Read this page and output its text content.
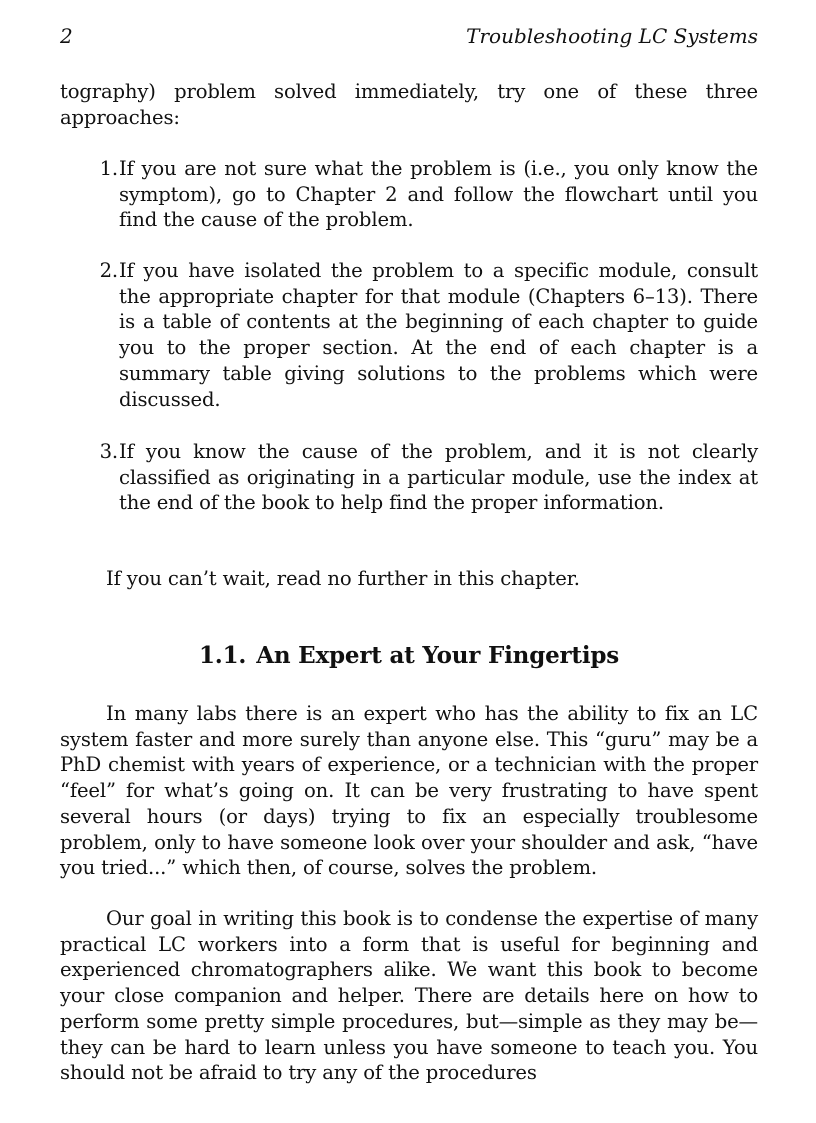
2	Troubleshooting LC Systems
tography) problem solved immediately, try one of these three approaches:
1. If you are not sure what the problem is (i.e., you only know the symptom), go to Chapter 2 and follow the flowchart until you find the cause of the problem.
2. If you have isolated the problem to a specific module, consult the appropriate chapter for that module (Chapters 6–13). There is a table of contents at the beginning of each chapter to guide you to the proper section. At the end of each chapter is a summary table giving solutions to the problems which were discussed.
3. If you know the cause of the problem, and it is not clearly classified as originating in a particular module, use the index at the end of the book to help find the proper information.
If you can’t wait, read no further in this chapter.
1.1. An Expert at Your Fingertips

In many labs there is an expert who has the ability to fix an LC system faster and more surely than anyone else. This “guru” may be a PhD chemist with years of experience, or a technician with the proper “feel” for what’s going on. It can be very frustrating to have spent several hours (or days) trying to fix an especially troublesome problem, only to have someone look over your shoulder and ask, “have you tried...” which then, of course, solves the problem.

Our goal in writing this book is to condense the expertise of many practical LC workers into a form that is useful for beginning and experienced chromatographers alike. We want this book to become your close companion and helper. There are details here on how to perform some pretty simple procedures, but—simple as they may be—they can be hard to learn unless you have someone to teach you. You should not be afraid to try any of the procedures
